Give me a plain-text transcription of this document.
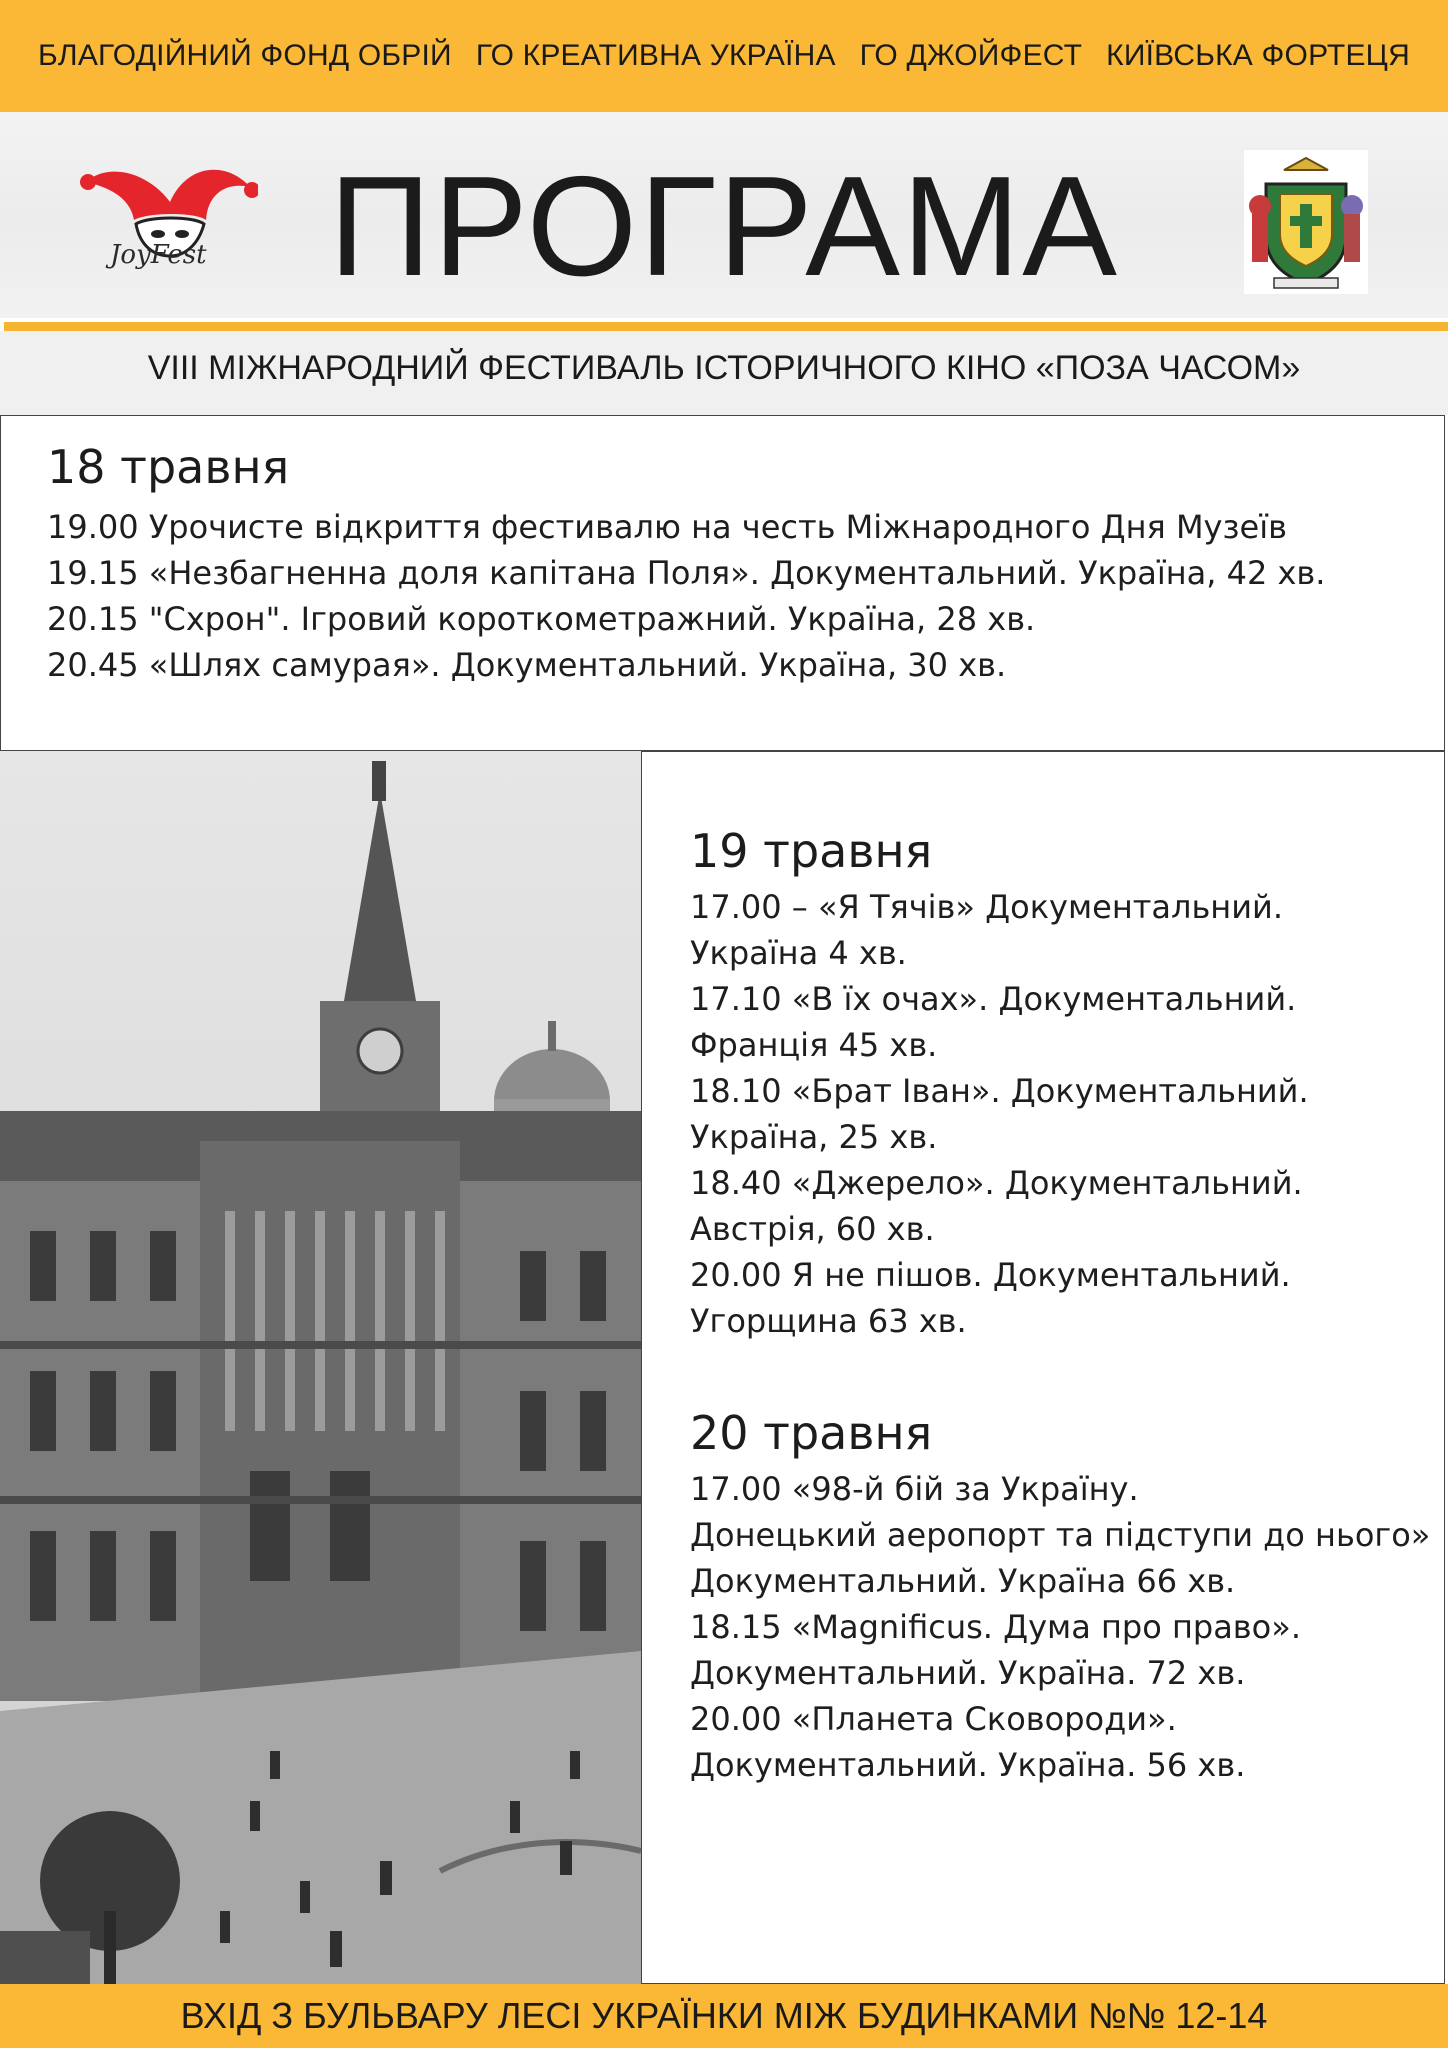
БЛАГОДІЙНИЙ ФОНД ОБРІЙ ГО КРЕАТИВНА УКРАЇНА ГО ДЖОЙФЕСТ КИЇВСЬКА ФОРТЕЦЯ
JoyFest ПРОГРАМА
VIII МІЖНАРОДНИЙ ФЕСТИВАЛЬ ІСТОРИЧНОГО КІНО «ПОЗА ЧАСОМ»
18 травня
19.00 Урочисте відкриття фестивалю на честь Міжнародного Дня Музеїв
19.15 «Незбагненна доля капітана Поля». Документальний. Україна, 42 хв.
20.15 "Схрон". Ігровий короткометражний. Україна, 28 хв.
20.45 «Шлях самурая». Документальний. Україна, 30 хв.
19 травня
17.00 – «Я Тячів» Документальний.
Україна 4 хв.
17.10 «В їх очах». Документальний.
Франція 45 хв.
18.10 «Брат Іван». Документальний.
Україна, 25 хв.
18.40 «Джерело». Документальний.
Австрія, 60 хв.
20.00 Я не пішов. Документальний.
Угорщина 63 хв.
20 травня
17.00 «98-й бій за Україну.
Донецький аеропорт та підступи до нього»
Документальний. Україна 66 хв.
18.15 «Magnificus. Дума про право».
Документальний. Україна. 72 хв.
20.00 «Планета Сковороди».
Документальний. Україна. 56 хв.
ВХІД З БУЛЬВАРУ ЛЕСІ УКРАЇНКИ МІЖ БУДИНКАМИ №№ 12-14
